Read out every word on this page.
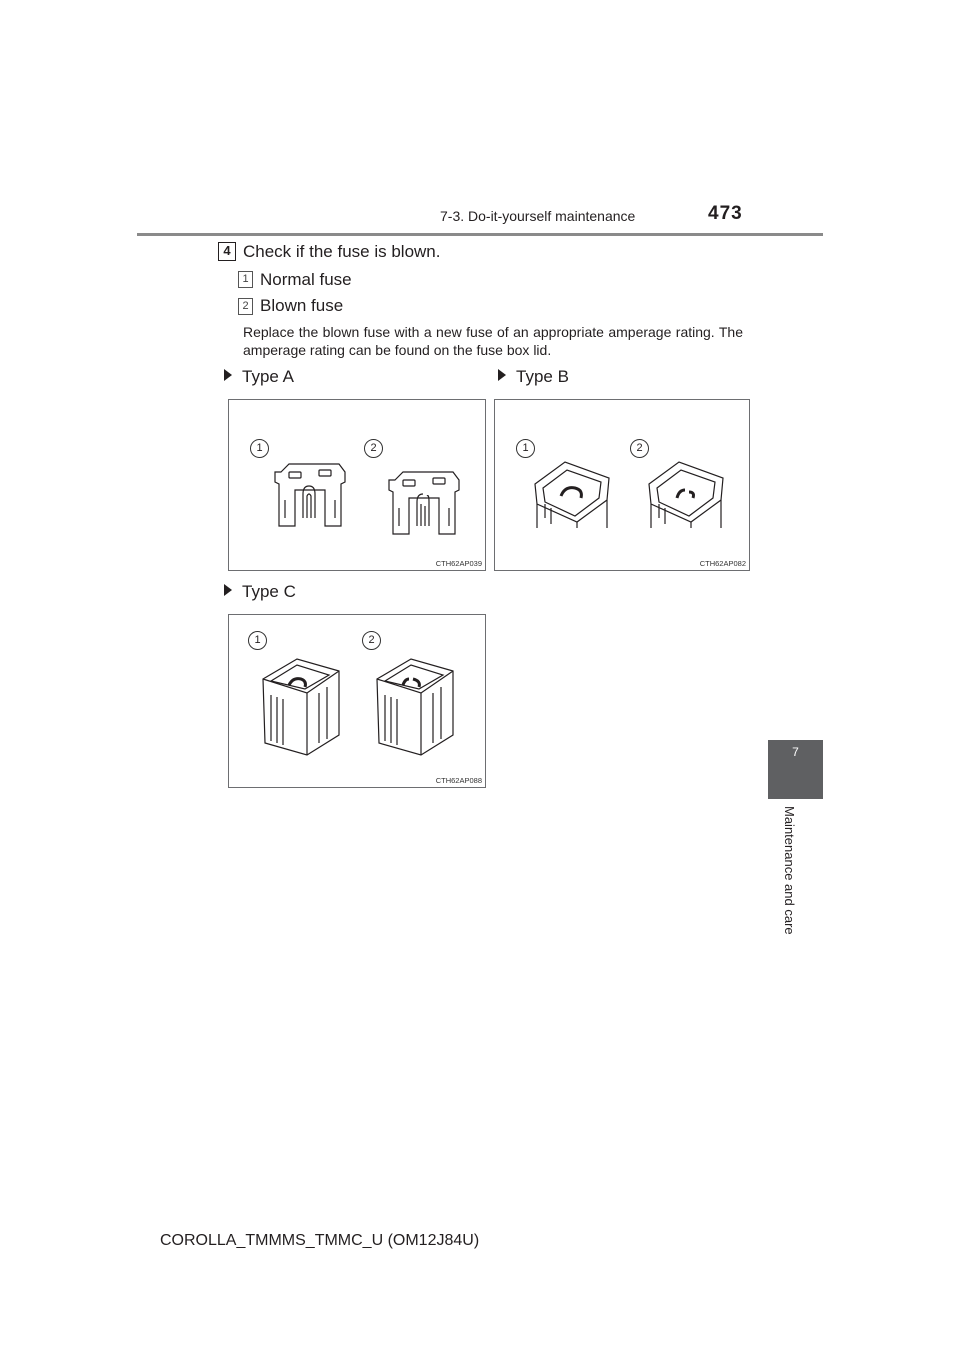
7-3. Do-it-yourself maintenance	473
4 Check if the fuse is blown.
1 Normal fuse
2 Blown fuse
Replace the blown fuse with a new fuse of an appropriate amperage rating. The amperage rating can be found on the fuse box lid.
Type A	Type B
Type C
1	2
CTH62AP039
1	2
CTH62AP082
1	2
CTH62AP088
7
Maintenance and care
COROLLA_TMMMS_TMMC_U (OM12J84U)
